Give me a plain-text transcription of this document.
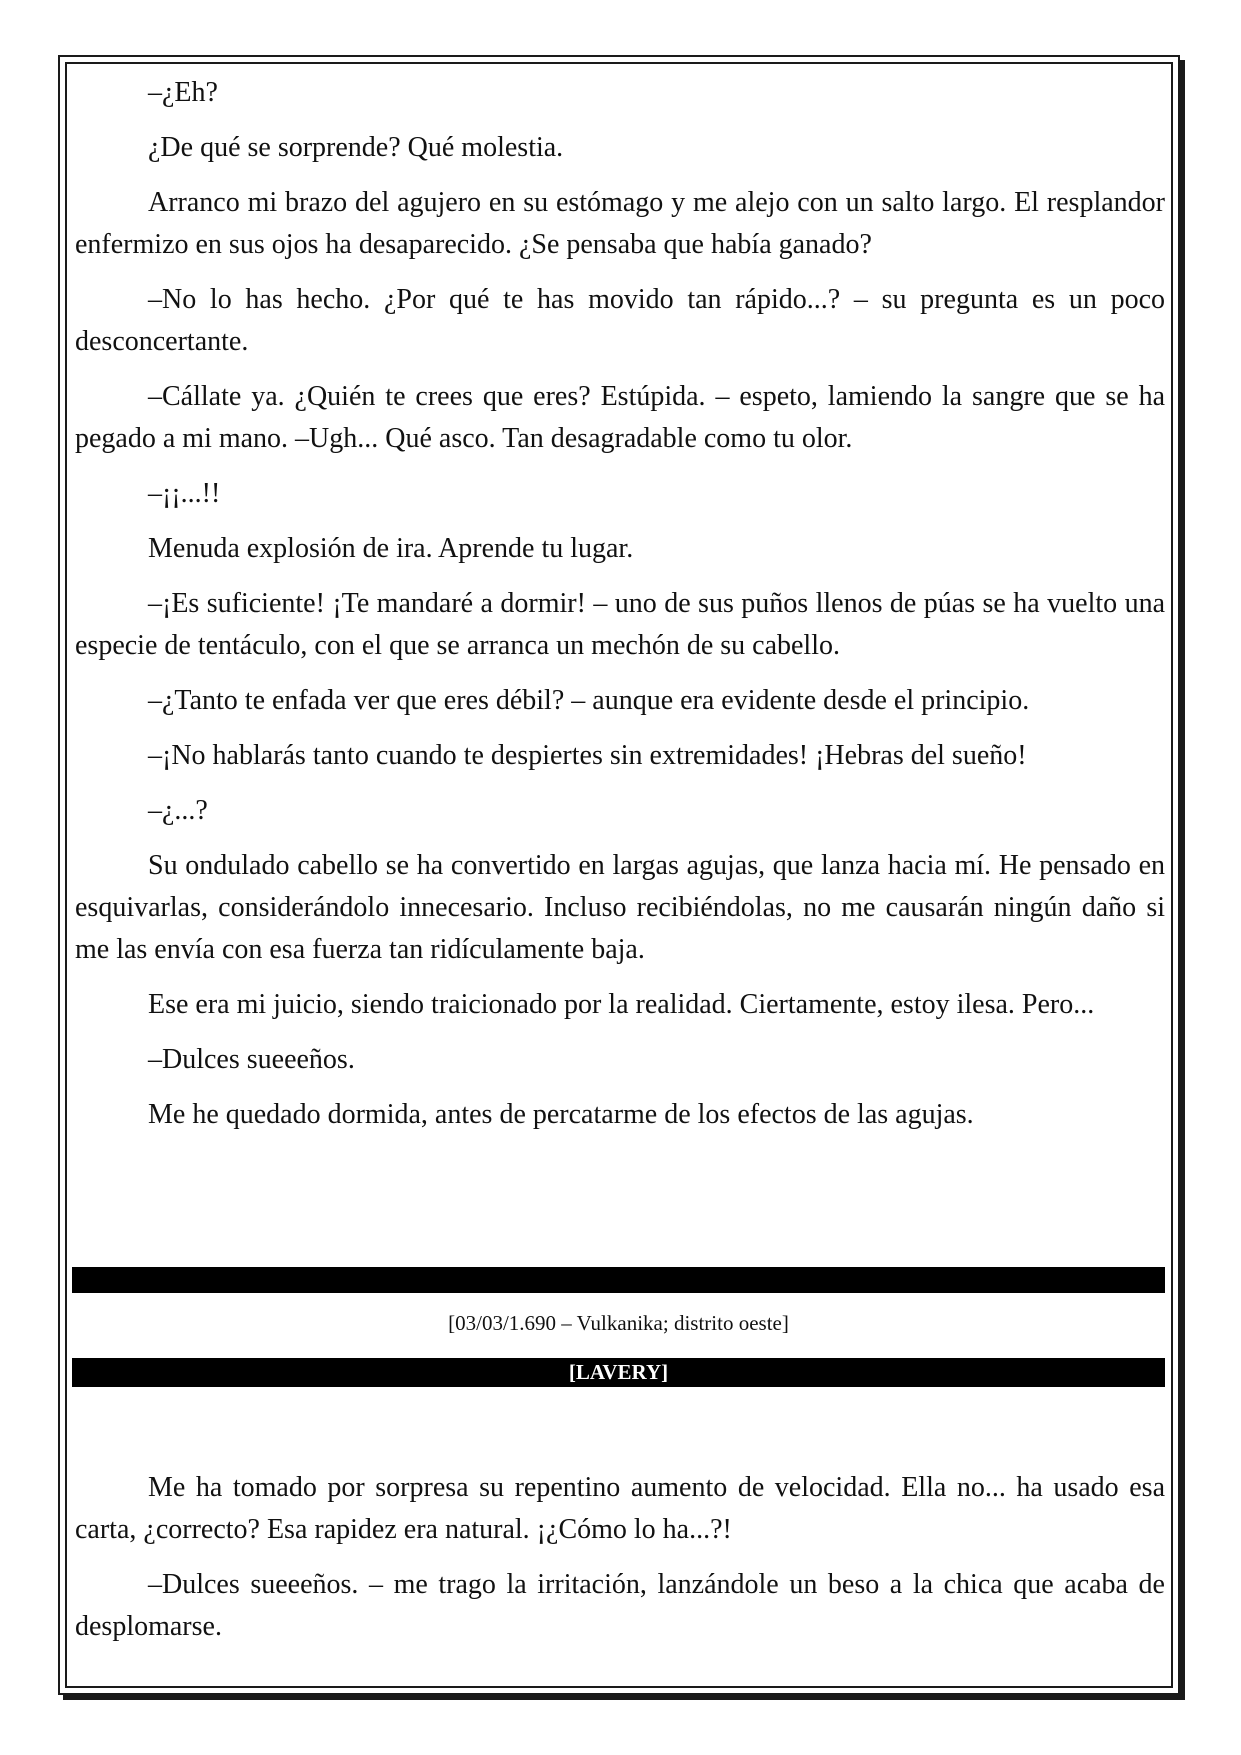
–¿Eh?

¿De qué se sorprende? Qué molestia.

Arranco mi brazo del agujero en su estómago y me alejo con un salto largo. El resplandor enfermizo en sus ojos ha desaparecido. ¿Se pensaba que había ganado?

–No lo has hecho. ¿Por qué te has movido tan rápido...? – su pregunta es un poco desconcertante.

–Cállate ya. ¿Quién te crees que eres? Estúpida. – espeto, lamiendo la sangre que se ha pegado a mi mano. –Ugh... Qué asco. Tan desagradable como tu olor.

–¡¡...!!

Menuda explosión de ira. Aprende tu lugar.

–¡Es suficiente! ¡Te mandaré a dormir! – uno de sus puños llenos de púas se ha vuelto una especie de tentáculo, con el que se arranca un mechón de su cabello.

–¿Tanto te enfada ver que eres débil? – aunque era evidente desde el principio.

–¡No hablarás tanto cuando te despiertes sin extremidades! ¡Hebras del sueño!

–¿...?

Su ondulado cabello se ha convertido en largas agujas, que lanza hacia mí. He pensado en esquivarlas, considerándolo innecesario. Incluso recibiéndolas, no me causarán ningún daño si me las envía con esa fuerza tan ridículamente baja.

Ese era mi juicio, siendo traicionado por la realidad. Ciertamente, estoy ilesa. Pero...

–Dulces sueeeños.

Me he quedado dormida, antes de percatarme de los efectos de las agujas.

[03/03/1.690 – Vulkanika; distrito oeste]
[LAVERY]

Me ha tomado por sorpresa su repentino aumento de velocidad. Ella no... ha usado esa carta, ¿correcto? Esa rapidez era natural. ¡¿Cómo lo ha...?!

–Dulces sueeeños. – me trago la irritación, lanzándole un beso a la chica que acaba de desplomarse.
